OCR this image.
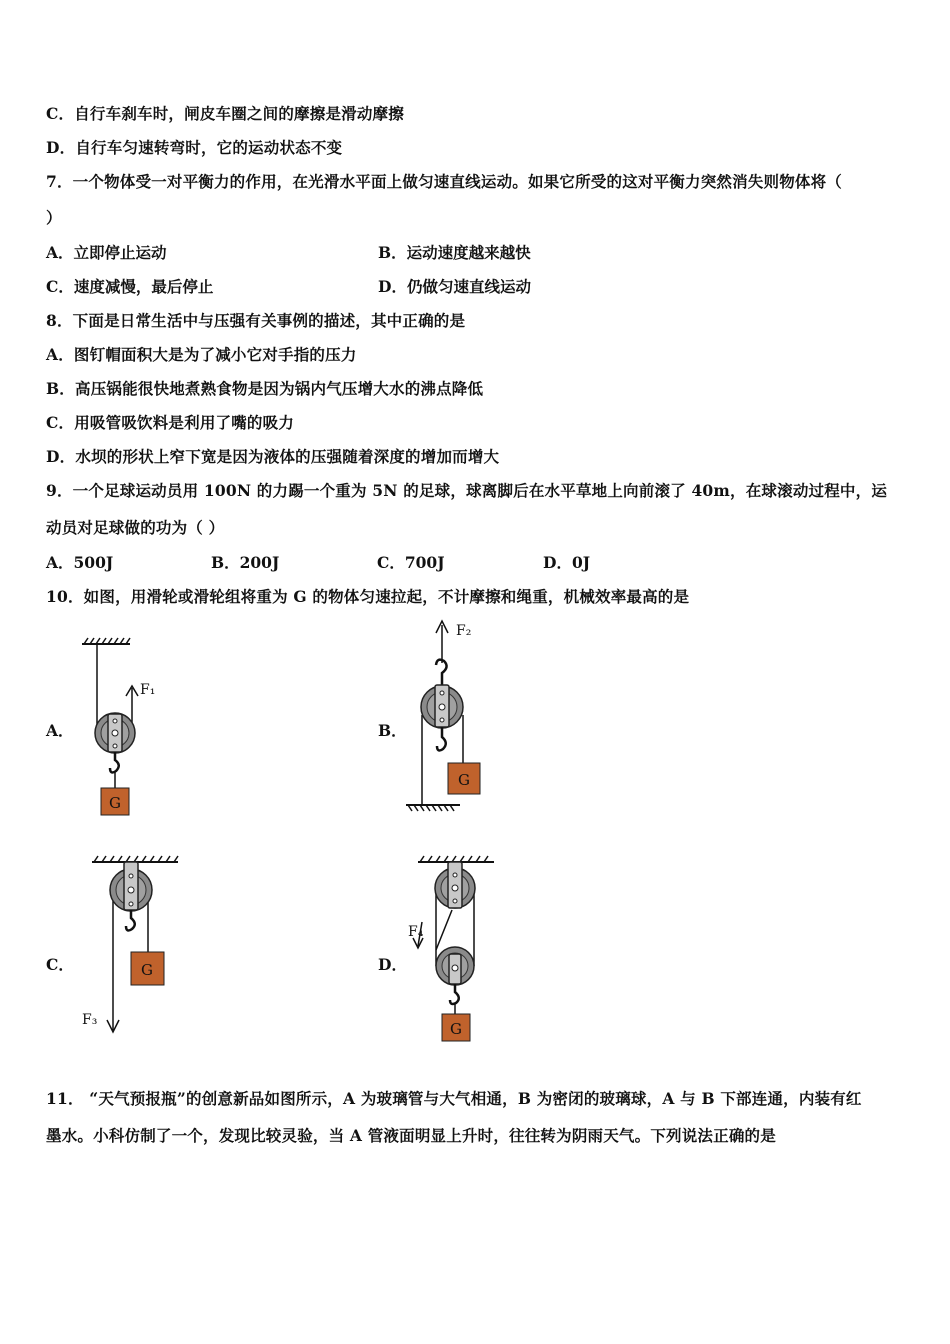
C．自行车刹车时，闸皮车圈之间的摩擦是滑动摩擦
D．自行车匀速转弯时，它的运动状态不变
7．一个物体受一对平衡力的作用，在光滑水平面上做匀速直线运动。如果它所受的这对平衡力突然消失则物体将（
）
A．立即停止运动	B．运动速度越来越快
C．速度减慢，最后停止	D．仍做匀速直线运动
8．下面是日常生活中与压强有关事例的描述，其中正确的是
A．图钉帽面积大是为了减小它对手指的压力
B．高压锅能很快地煮熟食物是因为锅内气压增大水的沸点降低
C．用吸管吸饮料是利用了嘴的吸力
D．水坝的形状上窄下宽是因为液体的压强随着深度的增加而增大
9．一个足球运动员用 100N 的力踢一个重为 5N 的足球，球离脚后在水平草地上向前滚了 40m，在球滚动过程中，运
动员对足球做的功为（ ）
A．500J	B．200J	C．700J	D．0J
10．如图，用滑轮或滑轮组将重为 G 的物体匀速拉起，不计摩擦和绳重，机械效率最高的是
A．
G
F₁
B．
G
F₂
C．	G
F₃
D．
G
F₄
11． “天气预报瓶”的创意新品如图所示，A 为玻璃管与大气相通，B 为密闭的玻璃球，A 与 B 下部连通，内装有红
墨水。小科仿制了一个，发现比较灵验，当 A 管液面明显上升时，往往转为阴雨天气。下列说法正确的是
